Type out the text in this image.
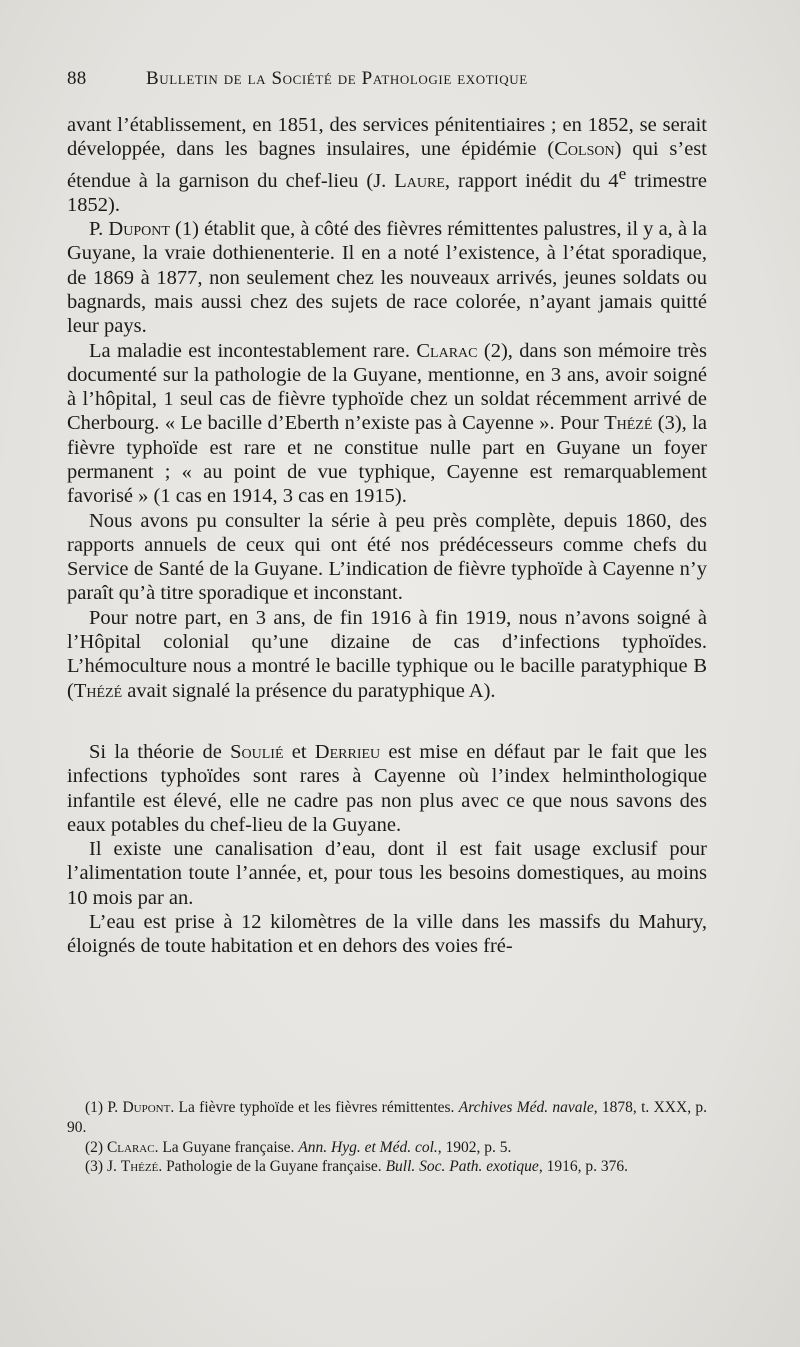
88	Bulletin de la Société de Pathologie exotique

avant l’établissement, en 1851, des services pénitentiaires ; en 1852, se serait développée, dans les bagnes insulaires, une épidémie (Colson) qui s’est étendue à la garnison du chef-lieu (J. Laure, rapport inédit du 4e trimestre 1852).

P. Dupont (1) établit que, à côté des fièvres rémittentes palustres, il y a, à la Guyane, la vraie dothienenterie. Il en a noté l’existence, à l’état sporadique, de 1869 à 1877, non seulement chez les nouveaux arrivés, jeunes soldats ou bagnards, mais aussi chez des sujets de race colorée, n’ayant jamais quitté leur pays.

La maladie est incontestablement rare. Clarac (2), dans son mémoire très documenté sur la pathologie de la Guyane, mentionne, en 3 ans, avoir soigné à l’hôpital, 1 seul cas de fièvre typhoïde chez un soldat récemment arrivé de Cherbourg. « Le bacille d’Eberth n’existe pas à Cayenne ». Pour Thézé (3), la fièvre typhoïde est rare et ne constitue nulle part en Guyane un foyer permanent ; « au point de vue typhique, Cayenne est remarquablement favorisé » (1 cas en 1914, 3 cas en 1915).

Nous avons pu consulter la série à peu près complète, depuis 1860, des rapports annuels de ceux qui ont été nos prédécesseurs comme chefs du Service de Santé de la Guyane. L’indication de fièvre typhoïde à Cayenne n’y paraît qu’à titre sporadique et inconstant.

Pour notre part, en 3 ans, de fin 1916 à fin 1919, nous n’avons soigné à l’Hôpital colonial qu’une dizaine de cas d’infections typhoïdes. L’hémoculture nous a montré le bacille typhique ou le bacille paratyphique B (Thézé avait signalé la présence du paratyphique A).

Si la théorie de Soulié et Derrieu est mise en défaut par le fait que les infections typhoïdes sont rares à Cayenne où l’index helminthologique infantile est élevé, elle ne cadre pas non plus avec ce que nous savons des eaux potables du chef-lieu de la Guyane.

Il existe une canalisation d’eau, dont il est fait usage exclusif pour l’alimentation toute l’année, et, pour tous les besoins domestiques, au moins 10 mois par an.

L’eau est prise à 12 kilomètres de la ville dans les massifs du Mahury, éloignés de toute habitation et en dehors des voies fré-

(1) P. Dupont. La fièvre typhoïde et les fièvres rémittentes. Archives Méd. navale, 1878, t. XXX, p. 90.

(2) Clarac. La Guyane française. Ann. Hyg. et Méd. col., 1902, p. 5.

(3) J. Thézé. Pathologie de la Guyane française. Bull. Soc. Path. exotique, 1916, p. 376.
